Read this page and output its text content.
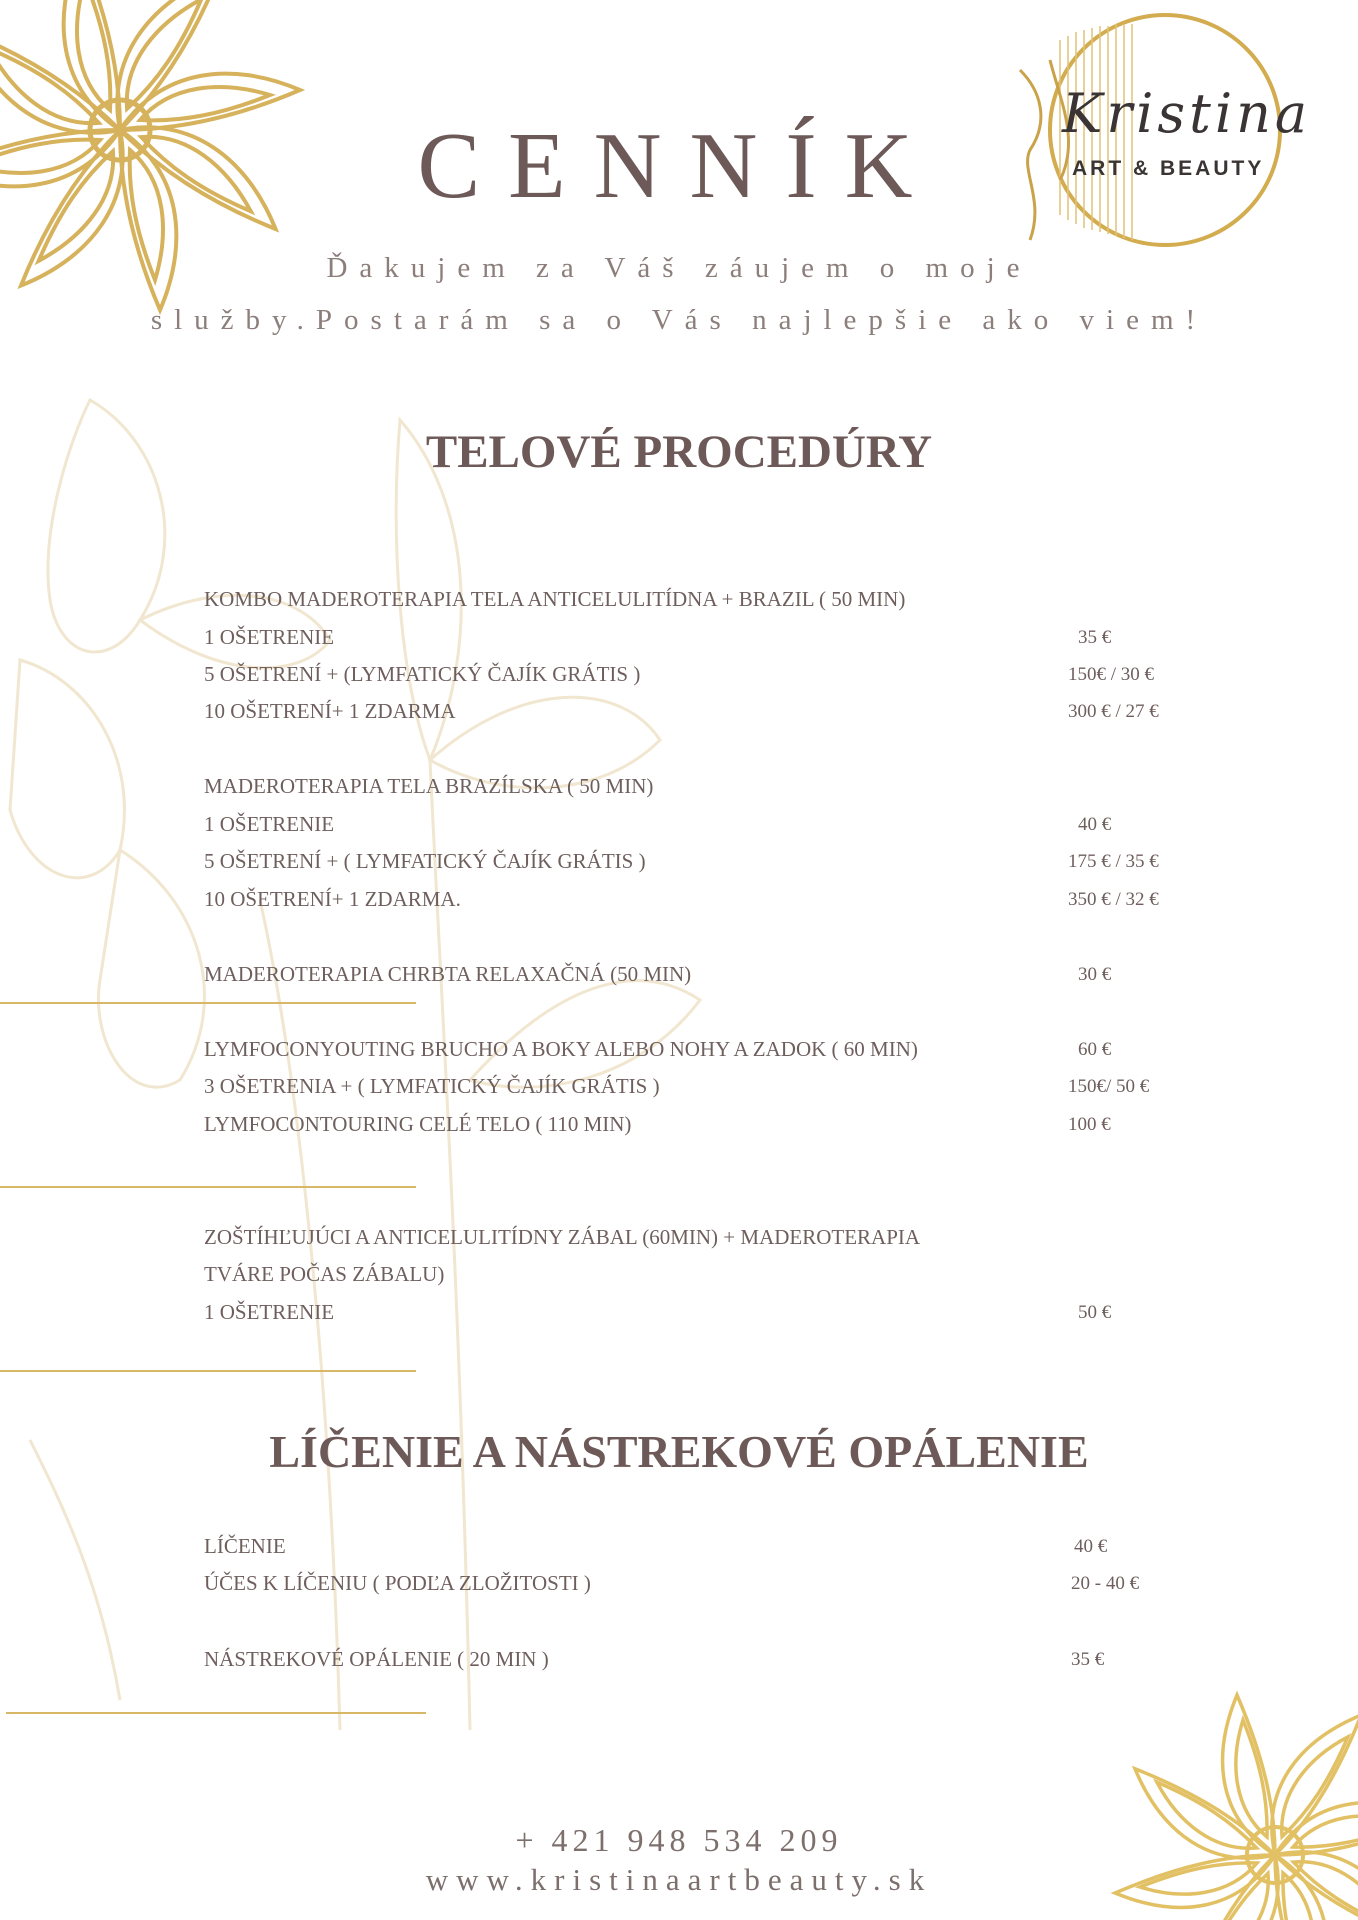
Kristina
ART & BEAUTY
CENNÍK
Ďakujem za Váš záujem o moje
služby.Postarám sa o Vás najlepšie ako viem!
TELOVÉ PROCEDÚRY
KOMBO MADEROTERAPIA TELA ANTICELULITÍDNA + BRAZIL ( 50 MIN)
1 OŠETRENIE	35 €
5 OŠETRENÍ + (LYMFATICKÝ ČAJÍK GRÁTIS )	150€ / 30 €
10 OŠETRENÍ+ 1 ZDARMA	300 € / 27 €
MADEROTERAPIA TELA BRAZÍLSKA ( 50 MIN)
1 OŠETRENIE	40 €
5 OŠETRENÍ + ( LYMFATICKÝ ČAJÍK GRÁTIS )	175 € / 35 €
10 OŠETRENÍ+ 1 ZDARMA.	350 € / 32 €
MADEROTERAPIA CHRBTA RELAXAČNÁ (50 MIN)	30 €
LYMFOCONYOUTING BRUCHO A BOKY ALEBO NOHY A ZADOK ( 60 MIN)	60 €
3 OŠETRENIA + ( LYMFATICKÝ ČAJÍK GRÁTIS )	150€/ 50 €
LYMFOCONTOURING CELÉ TELO ( 110 MIN)	100 €
ZOŠTÍHĽUJÚCI A ANTICELULITÍDNY ZÁBAL (60MIN) + MADEROTERAPIA
TVÁRE POČAS ZÁBALU)
1 OŠETRENIE	50 €
LÍČENIE A NÁSTREKOVÉ OPÁLENIE
LÍČENIE	40 €
ÚČES K LÍČENIU ( PODĽA ZLOŽITOSTI )	20 - 40 €
NÁSTREKOVÉ OPÁLENIE ( 20 MIN )	35 €
+ 421 948 534 209
www.kristinaartbeauty.sk
